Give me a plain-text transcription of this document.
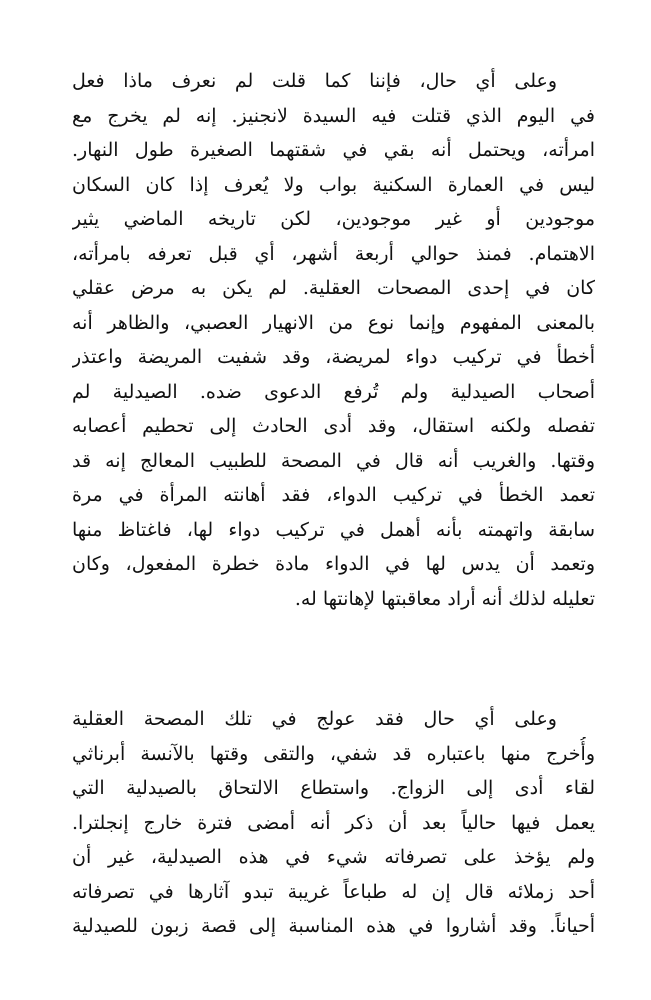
وعلى أي حال، فإننا كما قلت لم نعرف ماذا فعل
في اليوم الذي قتلت فيه السيدة لانجنيز. إنه لم يخرج مع
امرأته، ويحتمل أنه بقي في شقتهما الصغيرة طول النهار.
ليس في العمارة السكنية بواب ولا يُعرف إذا كان السكان
موجودين أو غير موجودين، لكن تاريخه الماضي يثير
الاهتمام. فمنذ حوالي أربعة أشهر، أي قبل تعرفه بامرأته،
كان في إحدى المصحات العقلية. لم يكن به مرض عقلي
بالمعنى المفهوم وإنما نوع من الانهيار العصبي، والظاهر أنه
أخطأ في تركيب دواء لمريضة، وقد شفيت المريضة واعتذر
أصحاب الصيدلية ولم تُرفع الدعوى ضده. الصيدلية لم
تفصله ولكنه استقال، وقد أدى الحادث إلى تحطيم أعصابه
وقتها. والغريب أنه قال في المصحة للطبيب المعالج إنه قد
تعمد الخطأ في تركيب الدواء، فقد أهانته المرأة في مرة
سابقة واتهمته بأنه أهمل في تركيب دواء لها، فاغتاظ منها
وتعمد أن يدس لها في الدواء مادة خطرة المفعول، وكان
تعليله لذلك أنه أراد معاقبتها لإهانتها له.
وعلى أي حال فقد عولج في تلك المصحة العقلية
وأُخرج منها باعتباره قد شفي، والتقى وقتها بالآنسة أبرناثي
لقاء أدى إلى الزواج. واستطاع الالتحاق بالصيدلية التي
يعمل فيها حالياً بعد أن ذكر أنه أمضى فترة خارج إنجلترا.
ولم يؤخذ على تصرفاته شيء في هذه الصيدلية، غير أن
أحد زملائه قال إن له طباعاً غريبة تبدو آثارها في تصرفاته
أحياناً. وقد أشاروا في هذه المناسبة إلى قصة زبون للصيدلية
